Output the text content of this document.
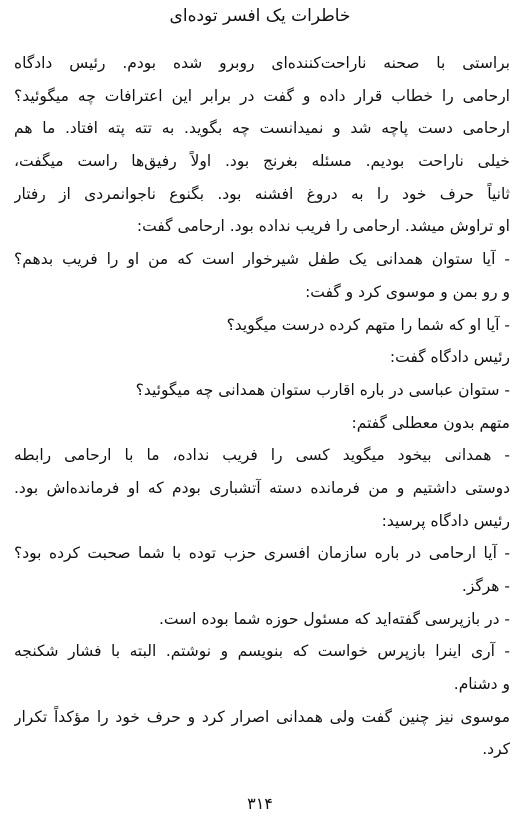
خاطرات یک افسر توده‌ای
براستی با صحنه ناراحت‌کننده‌ای روبرو شده بودم. رئیس دادگاه
ارحامی را خطاب قرار داده و گفت در برابر این اعترافات چه میگوئید؟
ارحامی دست پاچه شد و نمیدانست چه بگوید. به تته پته افتاد. ما هم
خیلی ناراحت بودیم. مسئله بغرنج بود. اولاً رفیق‌ها راست میگفت،
ثانیاً حرف خود را به دروغ افشنه بود. بگنوع ناجوانمردی از رفتار
او تراوش میشد. ارحامی را فریب نداده بود. ارحامی گفت:
- آیا ستوان همدانی یک طفل شیرخوار است که من او را فریب بدهم؟
و رو بمن و موسوی کرد و گفت:
- آیا او که شما را متهم کرده درست میگوید؟
رئیس دادگاه گفت:
- ستوان عباسی در باره اقارب ستوان همدانی چه میگوئید؟
متهم بدون معطلی گفتم:
- همدانی بیخود میگوید کسی را فریب نداده، ما با ارحامی رابطه
دوستی داشتیم و من فرمانده دسته آتشباری بودم که او فرمانده‌اش بود.
رئیس دادگاه پرسید:
- آیا ارحامی در باره سازمان افسری حزب توده با شما صحبت کرده بود؟
- هرگز.
- در بازپرسی گفته‌اید که مسئول حوزه شما بوده است.
- آری اینرا بازپرس خواست که بنویسم و نوشتم. البته با فشار شکنجه
و دشنام.
موسوی نیز چنین گفت ولی همدانی اصرار کرد و حرف خود را مؤکداً تکرار
کرد.
۳۱۴
